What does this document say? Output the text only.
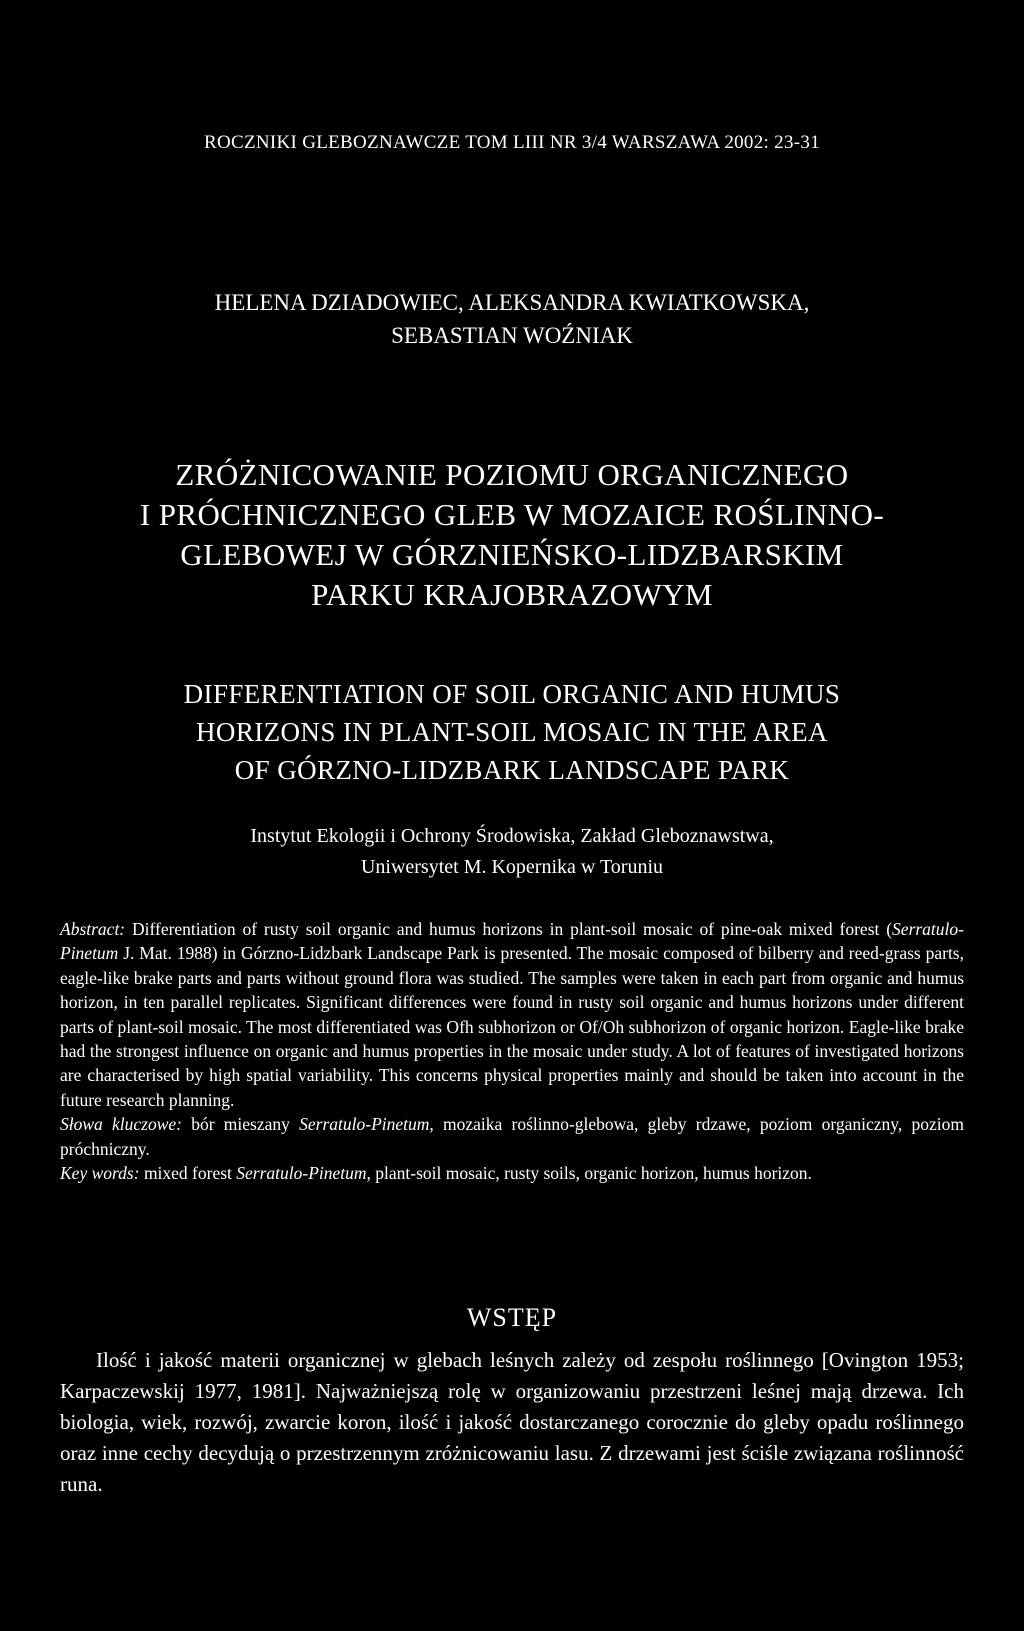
ROCZNIKI GLEBOZNAWCZE TOM LIII NR 3/4 WARSZAWA 2002: 23-31
HELENA DZIADOWIEC, ALEKSANDRA KWIATKOWSKA,
SEBASTIAN WOŹNIAK
ZRÓŻNICOWANIE POZIOMU ORGANICZNEGO
I PRÓCHNICZNEGO GLEB W MOZAICE ROŚLINNO-
GLEBOWEJ W GÓRZNIEŃSKO-LIDZBARSKIM
PARKU KRAJOBRAZOWYM
DIFFERENTIATION OF SOIL ORGANIC AND HUMUS
HORIZONS IN PLANT-SOIL MOSAIC IN THE AREA
OF GÓRZNO-LIDZBARK LANDSCAPE PARK
Instytut Ekologii i Ochrony Środowiska, Zakład Gleboznawstwa,
Uniwersytet M. Kopernika w Toruniu

Abstract: Differentiation of rusty soil organic and humus horizons in plant-soil mosaic of pine-oak mixed forest (Serratulo-Pinetum J. Mat. 1988) in Górzno-Lidzbark Landscape Park is presented. The mosaic composed of bilberry and reed-grass parts, eagle-like brake parts and parts without ground flora was studied. The samples were taken in each part from organic and humus horizon, in ten parallel replicates. Significant differences were found in rusty soil organic and humus horizons under different parts of plant-soil mosaic. The most differentiated was Ofh subhorizon or Of/Oh subhorizon of organic horizon. Eagle-like brake had the strongest influence on organic and humus properties in the mosaic under study. A lot of features of investigated horizons are characterised by high spatial variability. This concerns physical properties mainly and should be taken into account in the future research planning.

Słowa kluczowe: bór mieszany Serratulo-Pinetum, mozaika roślinno-glebowa, gleby rdzawe, poziom organiczny, poziom próchniczny.

Key words: mixed forest Serratulo-Pinetum, plant-soil mosaic, rusty soils, organic horizon, humus horizon.

WSTĘP

Ilość i jakość materii organicznej w glebach leśnych zależy od zespołu roślinnego [Ovington 1953; Karpaczewskij 1977, 1981]. Najważniejszą rolę w organizowaniu przestrzeni leśnej mają drzewa. Ich biologia, wiek, rozwój, zwarcie koron, ilość i jakość dostarczanego corocznie do gleby opadu roślinnego oraz inne cechy decydują o przestrzennym zróżnicowaniu lasu. Z drzewami jest ściśle związana roślinność runa.
